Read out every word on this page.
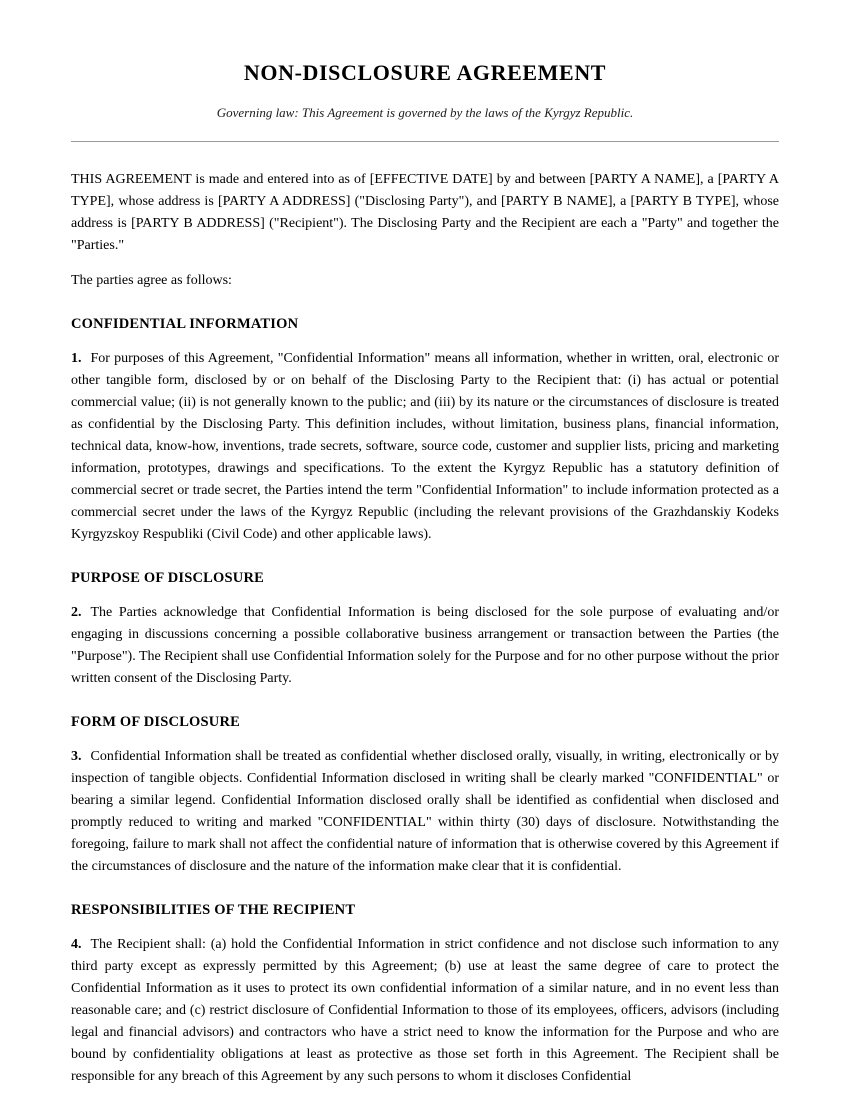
NON-DISCLOSURE AGREEMENT

Governing law: This Agreement is governed by the laws of the Kyrgyz Republic.

THIS AGREEMENT is made and entered into as of [EFFECTIVE DATE] by and between [PARTY A NAME], a [PARTY A TYPE], whose address is [PARTY A ADDRESS] ("Disclosing Party"), and [PARTY B NAME], a [PARTY B TYPE], whose address is [PARTY B ADDRESS] ("Recipient"). The Disclosing Party and the Recipient are each a "Party" and together the "Parties."

The parties agree as follows:

CONFIDENTIAL INFORMATION

1. For purposes of this Agreement, "Confidential Information" means all information, whether in written, oral, electronic or other tangible form, disclosed by or on behalf of the Disclosing Party to the Recipient that: (i) has actual or potential commercial value; (ii) is not generally known to the public; and (iii) by its nature or the circumstances of disclosure is treated as confidential by the Disclosing Party. This definition includes, without limitation, business plans, financial information, technical data, know-how, inventions, trade secrets, software, source code, customer and supplier lists, pricing and marketing information, prototypes, drawings and specifications. To the extent the Kyrgyz Republic has a statutory definition of commercial secret or trade secret, the Parties intend the term "Confidential Information" to include information protected as a commercial secret under the laws of the Kyrgyz Republic (including the relevant provisions of the Grazhdanskiy Kodeks Kyrgyzskoy Respubliki (Civil Code) and other applicable laws).

PURPOSE OF DISCLOSURE

2. The Parties acknowledge that Confidential Information is being disclosed for the sole purpose of evaluating and/or engaging in discussions concerning a possible collaborative business arrangement or transaction between the Parties (the "Purpose"). The Recipient shall use Confidential Information solely for the Purpose and for no other purpose without the prior written consent of the Disclosing Party.

FORM OF DISCLOSURE

3. Confidential Information shall be treated as confidential whether disclosed orally, visually, in writing, electronically or by inspection of tangible objects. Confidential Information disclosed in writing shall be clearly marked "CONFIDENTIAL" or bearing a similar legend. Confidential Information disclosed orally shall be identified as confidential when disclosed and promptly reduced to writing and marked "CONFIDENTIAL" within thirty (30) days of disclosure. Notwithstanding the foregoing, failure to mark shall not affect the confidential nature of information that is otherwise covered by this Agreement if the circumstances of disclosure and the nature of the information make clear that it is confidential.

RESPONSIBILITIES OF THE RECIPIENT

4. The Recipient shall: (a) hold the Confidential Information in strict confidence and not disclose such information to any third party except as expressly permitted by this Agreement; (b) use at least the same degree of care to protect the Confidential Information as it uses to protect its own confidential information of a similar nature, and in no event less than reasonable care; and (c) restrict disclosure of Confidential Information to those of its employees, officers, advisors (including legal and financial advisors) and contractors who have a strict need to know the information for the Purpose and who are bound by confidentiality obligations at least as protective as those set forth in this Agreement. The Recipient shall be responsible for any breach of this Agreement by any such persons to whom it discloses Confidential
